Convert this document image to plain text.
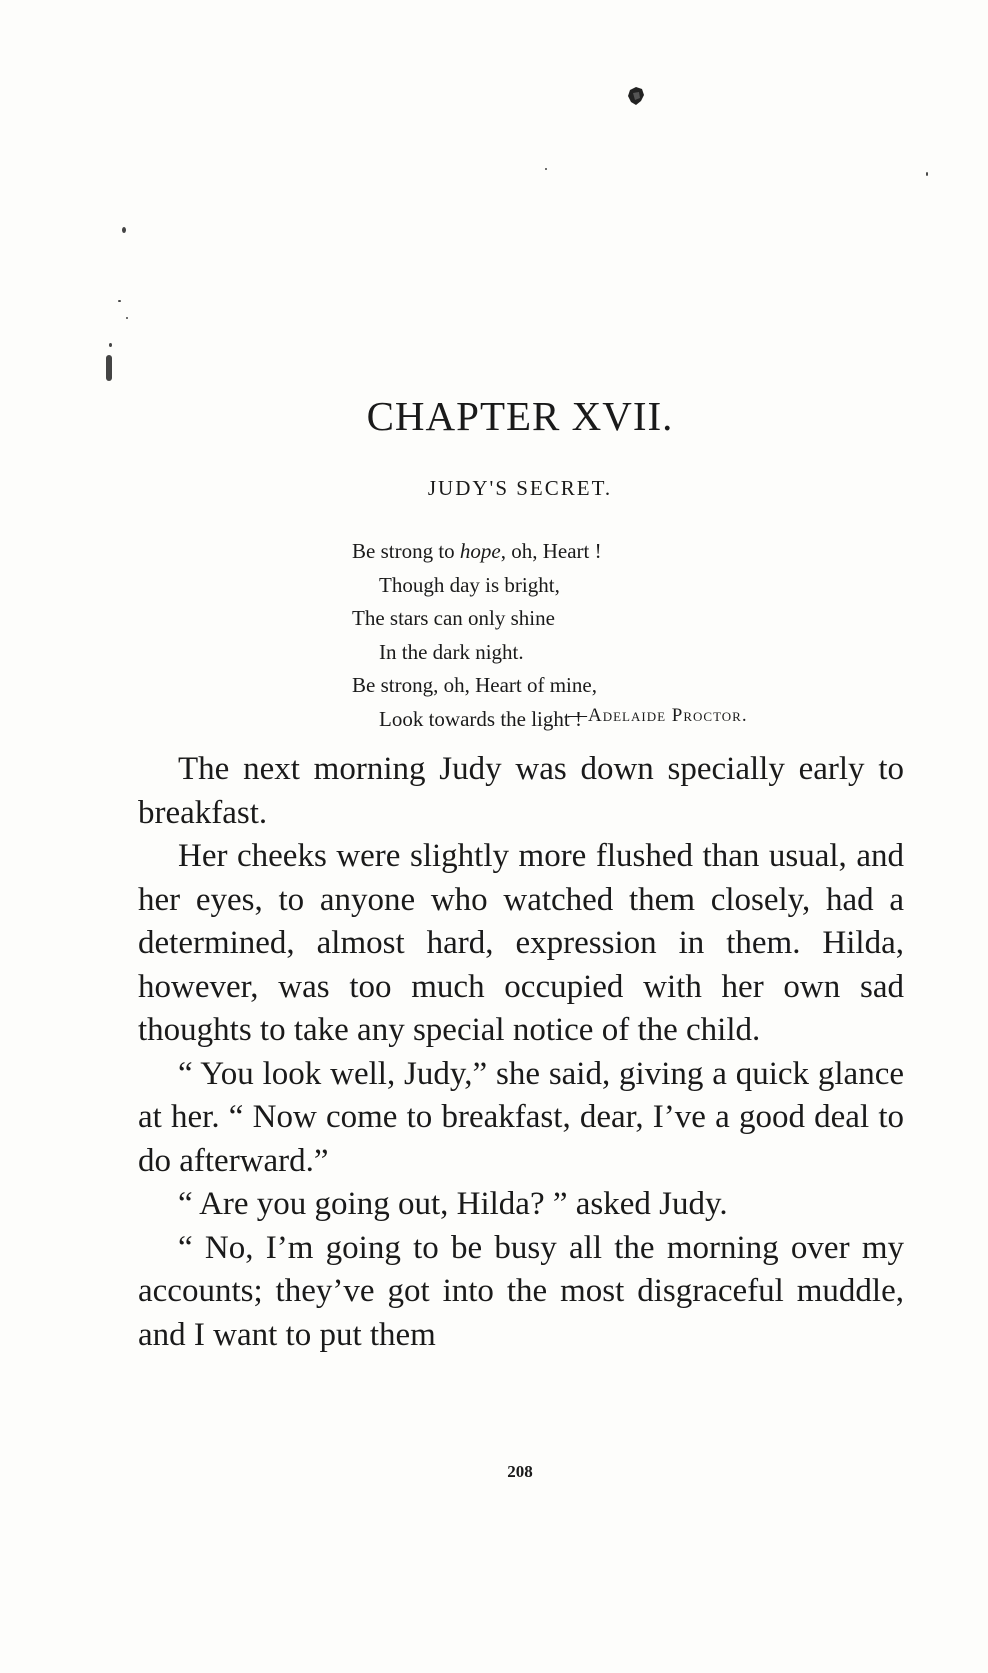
CHAPTER XVII.
JUDY'S SECRET.
Be strong to hope, oh, Heart !
Though day is bright,
The stars can only shine
In the dark night.
Be strong, oh, Heart of mine,
Look towards the light !
—Adelaide Proctor.

The next morning Judy was down specially early to breakfast.

Her cheeks were slightly more flushed than usual, and her eyes, to anyone who watched them closely, had a determined, almost hard, expression in them. Hilda, however, was too much occupied with her own sad thoughts to take any special notice of the child.

“ You look well, Judy,” she said, giving a quick glance at her. “ Now come to breakfast, dear, I’ve a good deal to do afterward.”

“ Are you going out, Hilda? ” asked Judy.

“ No, I’m going to be busy all the morning over my accounts; they’ve got into the most disgraceful muddle, and I want to put them

208
